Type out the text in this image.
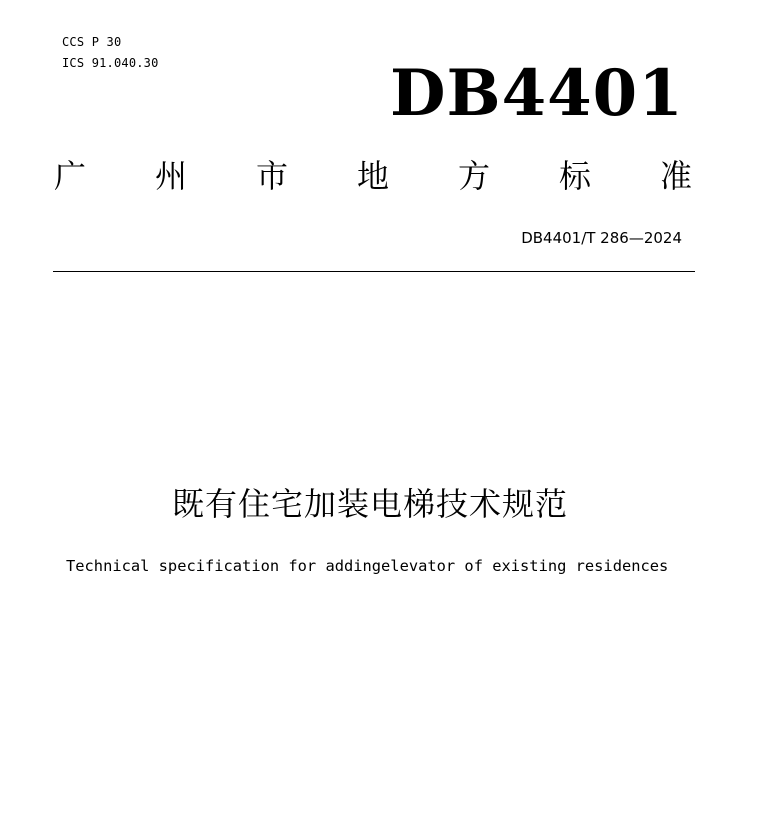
CCS P 30
ICS 91.040.30	DB4401
广 州 市 地 方 标 准
DB4401/T 286—2024
既有住宅加装电梯技术规范
Technical specification for addingelevator of existing residences
